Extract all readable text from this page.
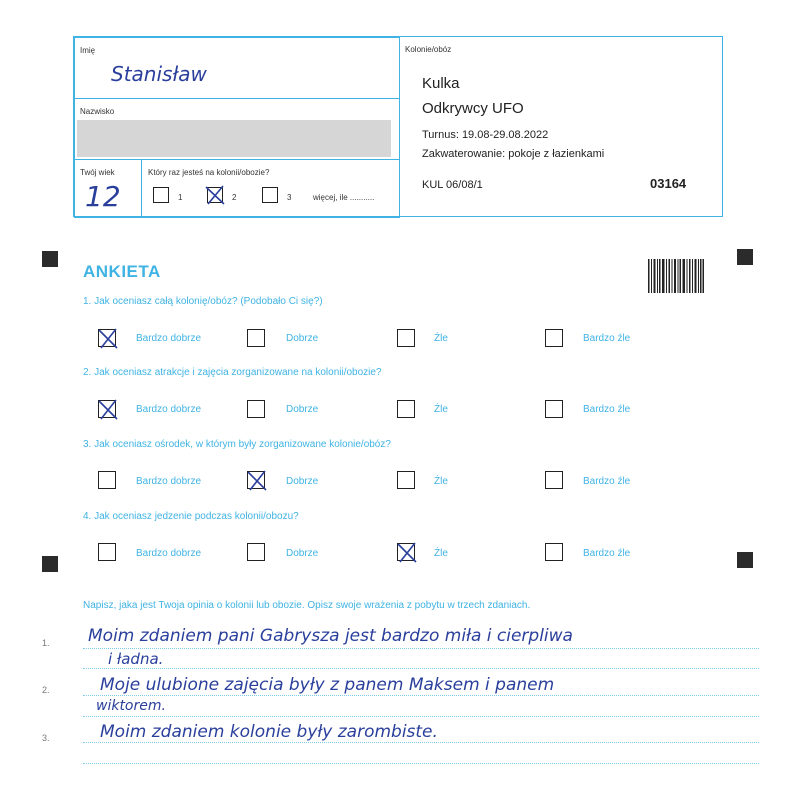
Imię
Stanisław
Nazwisko
Twój wiek
12
Który raz jesteś na kolonii/obozie?
1	2	3	więcej, ile ...........
Kolonie/obóz
Kulka
Odkrywcy UFO
Turnus: 19.08-29.08.2022
Zakwaterowanie: pokoje z łazienkami
KUL 06/08/1	03164
ANKIETA
1. Jak oceniasz całą kolonię/obóz? (Podobało Ci się?)
2. Jak oceniasz atrakcje i zajęcia zorganizowane na kolonii/obozie?
3. Jak oceniasz ośrodek, w którym były zorganizowane kolonie/obóz?
4. Jak oceniasz jedzenie podczas kolonii/obozu?
Bardzo dobrze	Dobrze	Źle	Bardzo źle
Bardzo dobrze	Dobrze	Źle	Bardzo źle
Bardzo dobrze	Dobrze	Źle	Bardzo źle
Bardzo dobrze	Dobrze	Źle	Bardzo źle
Napisz, jaka jest Twoja opinia o kolonii lub obozie. Opisz swoje wrażenia z pobytu w trzech zdaniach.
1. Moim zdaniem pani Gabrysza jest bardzo miła i cierpliwa
i ładna.
2.	Moje ulubione zajęcia były z panem Maksem i panem
wiktorem.
3.	Moim zdaniem kolonie były zarombiste.
